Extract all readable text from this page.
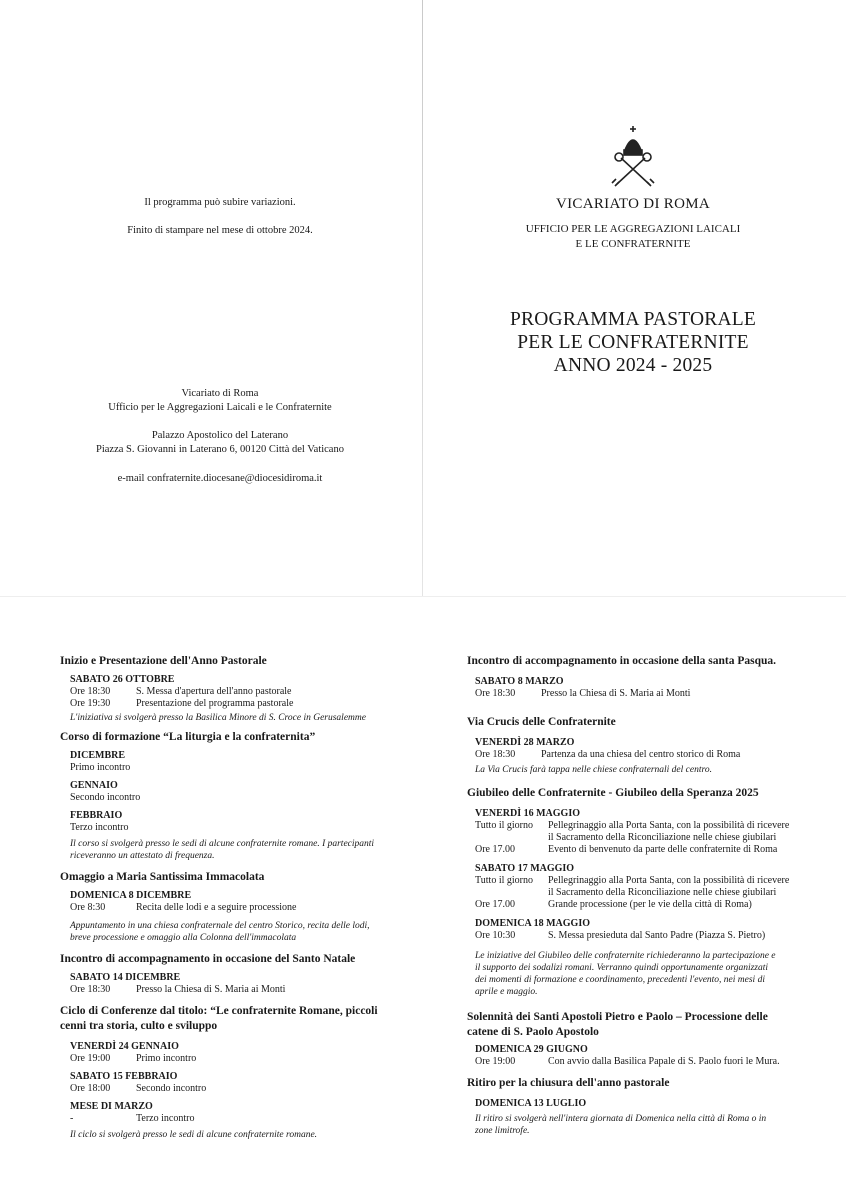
Il programma può subire variazioni.
Finito di stampare nel mese di ottobre 2024.
Vicariato di Roma
Ufficio per le Aggregazioni Laicali e le Confraternite
Palazzo Apostolico del Laterano
Piazza S. Giovanni in Laterano 6, 00120 Città del Vaticano
e-mail confraternite.diocesane@diocesidiroma.it
VICARIATO DI ROMA
UFFICIO PER LE AGGREGAZIONI LAICALI
E LE CONFRATERNITE
PROGRAMMA PASTORALE
PER LE CONFRATERNITE
ANNO 2024 - 2025

Inizio e Presentazione dell'Anno Pastorale

SABATO 26 OTTOBRE

Ore 18:30	S. Messa d'apertura dell'anno pastorale
Ore 19:30	Presentazione del programma pastorale
L'iniziativa si svolgerà presso la Basilica Minore di S. Croce in Gerusalemme

Corso di formazione “La liturgia e la confraternita”

DICEMBRE

Primo incontro

GENNAIO

Secondo incontro

FEBBRAIO

Terzo incontro
Il corso si svolgerà presso le sedi di alcune confraternite romane. I partecipanti
riceveranno un attestato di frequenza.

Omaggio a Maria Santissima Immacolata

DOMENICA 8 DICEMBRE

Ore 8:30	Recita delle lodi e a seguire processione
Appuntamento in una chiesa confraternale del centro Storico, recita delle lodi,
breve processione e omaggio alla Colonna dell'immacolata

Incontro di accompagnamento in occasione del Santo Natale

SABATO 14 DICEMBRE

Ore 18:30	Presso la Chiesa di S. Maria ai Monti

Ciclo di Conferenze dal titolo: “Le confraternite Romane, piccoli

cenni tra storia, culto e sviluppo

VENERDÌ 24 GENNAIO

Ore 19:00	Primo incontro

SABATO 15 FEBBRAIO

Ore 18:00	Secondo incontro

MESE DI MARZO

-	Terzo incontro
Il ciclo si svolgerà presso le sedi di alcune confraternite romane.

Incontro di accompagnamento in occasione della santa Pasqua.

SABATO 8 MARZO

Ore 18:30	Presso la Chiesa di S. Maria ai Monti

Via Crucis delle Confraternite

VENERDÌ 28 MARZO

Ore 18:30	Partenza da una chiesa del centro storico di Roma
La Via Crucis farà tappa nelle chiese confraternali del centro.

Giubileo delle Confraternite - Giubileo della Speranza 2025

VENERDÌ 16 MAGGIO

Tutto il giorno	Pellegrinaggio alla Porta Santa, con la possibilità di ricevere
il Sacramento della Riconciliazione nelle chiese giubilari
Ore 17.00	Evento di benvenuto da parte delle confraternite di Roma

SABATO 17 MAGGIO

Tutto il giorno	Pellegrinaggio alla Porta Santa, con la possibilità di ricevere
il Sacramento della Riconciliazione nelle chiese giubilari
Ore 17.00	Grande processione (per le vie della città di Roma)

DOMENICA 18 MAGGIO

Ore 10:30	S. Messa presieduta dal Santo Padre (Piazza S. Pietro)
Le iniziative del Giubileo delle confraternite richiederanno la partecipazione e
il supporto dei sodalizi romani. Verranno quindi opportunamente organizzati
dei momenti di formazione e coordinamento, precedenti l'evento, nei mesi di
aprile e maggio.

Solennità dei Santi Apostoli Pietro e Paolo – Processione delle

catene di S. Paolo Apostolo

DOMENICA 29 GIUGNO

Ore 19:00	Con avvio dalla Basilica Papale di S. Paolo fuori le Mura.

Ritiro per la chiusura dell'anno pastorale

DOMENICA 13 LUGLIO

Il ritiro si svolgerà nell'intera giornata di Domenica nella città di Roma o in
zone limitrofe.
